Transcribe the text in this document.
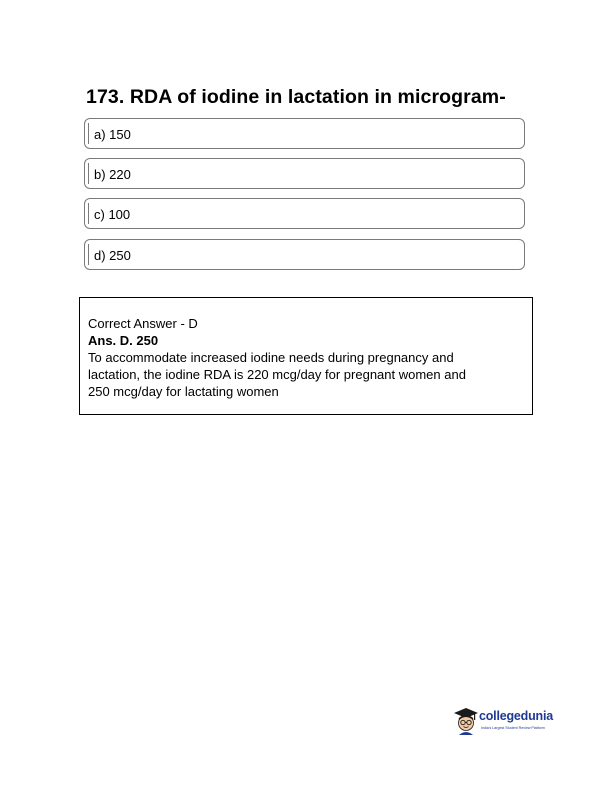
173. RDA of iodine in lactation in microgram-
a) 150
b) 220
c) 100
d) 250
Correct Answer - D
Ans. D. 250
To accommodate increased iodine needs during pregnancy and
lactation, the iodine RDA is 220 mcg/day for pregnant women and
250 mcg/day for lactating women
collegedunia
India's Largest Student Review Platform
